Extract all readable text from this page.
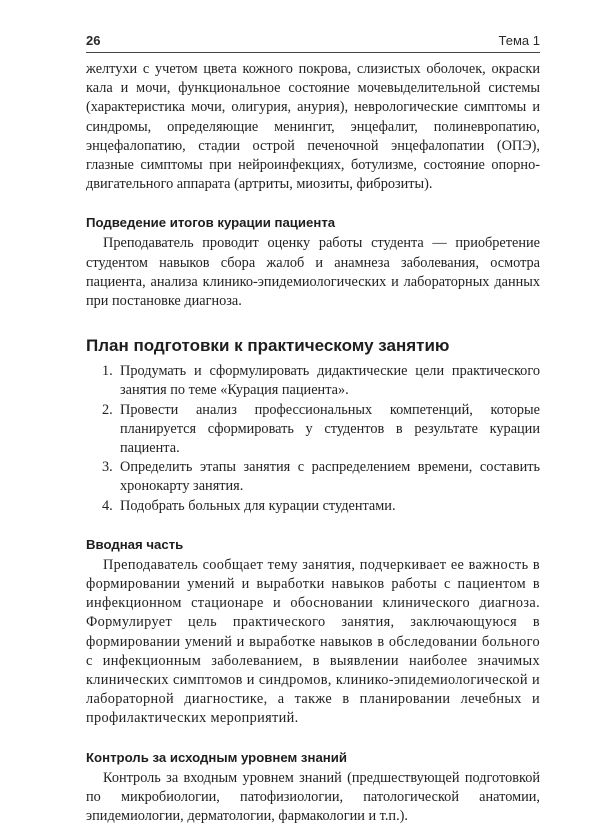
26	Тема 1

желтухи с учетом цвета кожного покрова, слизистых оболочек, окраски кала и мочи, функциональное состояние мочевыделительной системы (характеристика мочи, олигурия, анурия), неврологические симптомы и синдромы, определяющие менингит, энцефалит, полиневропатию, энцефалопатию, стадии острой печеночной энцефалопатии (ОПЭ), глазные симптомы при нейроинфекциях, ботулизме, состояние опорно-двигательного аппарата (артриты, миозиты, фиброзиты).

Подведение итогов курации пациента

Преподаватель проводит оценку работы студента — приобретение студентом навыков сбора жалоб и анамнеза заболевания, осмотра пациента, анализа клинико-эпидемиологических и лабораторных данных при постановке диагноза.

План подготовки к практическому занятию
1. Продумать и сформулировать дидактические цели практического занятия по теме «Курация пациента».
2. Провести анализ профессиональных компетенций, которые планируется сформировать у студентов в результате курации пациента.
3. Определить этапы занятия с распределением времени, составить хронокарту занятия.
4. Подобрать больных для курации студентами.
Вводная часть

Преподаватель сообщает тему занятия, подчеркивает ее важность в формировании умений и выработки навыков работы с пациентом в инфекционном стационаре и обосновании клинического диагноза. Формулирует цель практического занятия, заключающуюся в формировании умений и выработке навыков в обследовании больного с инфекционным заболеванием, в выявлении наиболее значимых клинических симптомов и синдромов, клинико-эпидемиологической и лабораторной диагностике, а также в планировании лечебных и профилактических мероприятий.

Контроль за исходным уровнем знаний

Контроль за входным уровнем знаний (предшествующей подготовкой по микробиологии, патофизиологии, патологической анатомии, эпидемиологии, дерматологии, фармакологии и т.п.).
